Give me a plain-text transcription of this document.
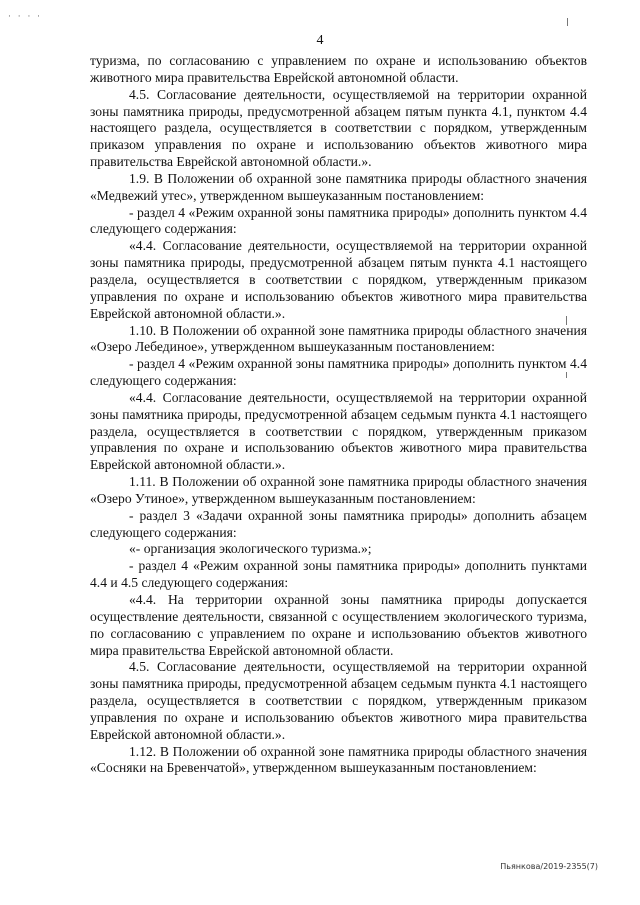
· · · ·
4

туризма, по согласованию с управлением по охране и использованию объектов животного мира правительства Еврейской автономной области.

4.5. Согласование деятельности, осуществляемой на территории охранной зоны памятника природы, предусмотренной абзацем пятым пункта 4.1, пунктом 4.4 настоящего раздела, осуществляется в соответствии с порядком, утвержденным приказом управления по охране и использованию объектов животного мира правительства Еврейской автономной области.».

1.9. В Положении об охранной зоне памятника природы областного значения «Медвежий утес», утвержденном вышеуказанным постановлением:

- раздел 4 «Режим охранной зоны памятника природы» дополнить пунктом 4.4 следующего содержания:

«4.4. Согласование деятельности, осуществляемой на территории охранной зоны памятника природы, предусмотренной абзацем пятым пункта 4.1 настоящего раздела, осуществляется в соответствии с порядком, утвержденным приказом управления по охране и использованию объектов животного мира правительства Еврейской автономной области.».

1.10. В Положении об охранной зоне памятника природы областного значения «Озеро Лебединое», утвержденном вышеуказанным постановлением:

- раздел 4 «Режим охранной зоны памятника природы» дополнить пунктом 4.4 следующего содержания:

«4.4. Согласование деятельности, осуществляемой на территории охранной зоны памятника природы, предусмотренной абзацем седьмым пункта 4.1 настоящего раздела, осуществляется в соответствии с порядком, утвержденным приказом управления по охране и использованию объектов животного мира правительства Еврейской автономной области.».

1.11. В Положении об охранной зоне памятника природы областного значения «Озеро Утиное», утвержденном вышеуказанным постановлением:

- раздел 3 «Задачи охранной зоны памятника природы» дополнить абзацем следующего содержания:

«- организация экологического туризма.»;

- раздел 4 «Режим охранной зоны памятника природы» дополнить пунктами 4.4 и 4.5 следующего содержания:

«4.4. На территории охранной зоны памятника природы допускается осуществление деятельности, связанной с осуществлением экологического туризма, по согласованию с управлением по охране и использованию объектов животного мира правительства Еврейской автономной области.

4.5. Согласование деятельности, осуществляемой на территории охранной зоны памятника природы, предусмотренной абзацем седьмым пункта 4.1 настоящего раздела, осуществляется в соответствии с порядком, утвержденным приказом управления по охране и использованию объектов животного мира правительства Еврейской автономной области.».

1.12. В Положении об охранной зоне памятника природы областного значения «Сосняки на Бревенчатой», утвержденном вышеуказанным постановлением:

Пьянкова/2019-2355(7)
